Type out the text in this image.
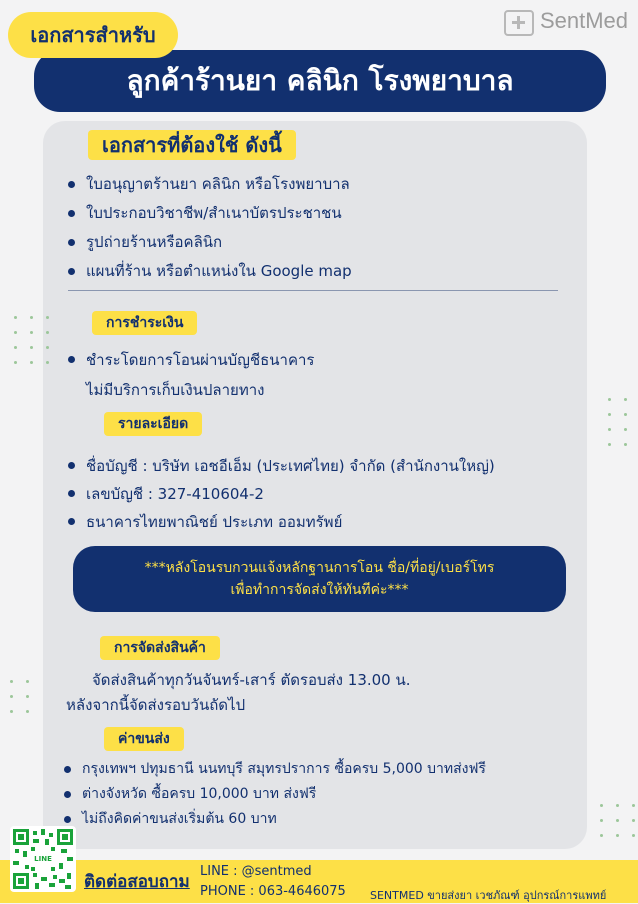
เอกสารสำหรับ
SentMed
ลูกค้าร้านยา คลินิก โรงพยาบาล
เอกสารที่ต้องใช้ ดังนี้
ใบอนุญาตร้านยา คลินิก หรือโรงพยาบาล
ใบประกอบวิชาชีพ/สำเนาบัตรประชาชน
รูปถ่ายร้านหรือคลินิก
แผนที่ร้าน หรือตำแหน่งใน Google map
การชำระเงิน
ชำระโดยการโอนผ่านบัญชีธนาคาร
ไม่มีบริการเก็บเงินปลายทาง
รายละเอียด
ชื่อบัญชี : บริษัท เอชอีเอ็ม (ประเทศไทย) จำกัด (สำนักงานใหญ่)
เลขบัญชี : 327-410604-2
ธนาคารไทยพาณิชย์ ประเภท ออมทรัพย์
***หลังโอนรบกวนแจ้งหลักฐานการโอน ชื่อ/ที่อยู่/เบอร์โทร
เพื่อทำการจัดส่งให้ทันทีค่ะ***
การจัดส่งสินค้า
จัดส่งสินค้าทุกวันจันทร์-เสาร์ ตัดรอบส่ง 13.00 น.
หลังจากนี้จัดส่งรอบวันถัดไป
ค่าขนส่ง
กรุงเทพฯ ปทุมธานี นนทบุรี สมุทรปราการ ซื้อครบ 5,000 บาทส่งฟรี
ต่างจังหวัด ซื้อครบ 10,000 บาท ส่งฟรี
ไม่ถึงคิดค่าขนส่งเริ่มต้น 60 บาท
LINE
ติดต่อสอบถาม
LINE : @sentmed
PHONE : 063-4646075 SENTMED ขายส่งยา เวชภัณฑ์ อุปกรณ์การแพทย์
